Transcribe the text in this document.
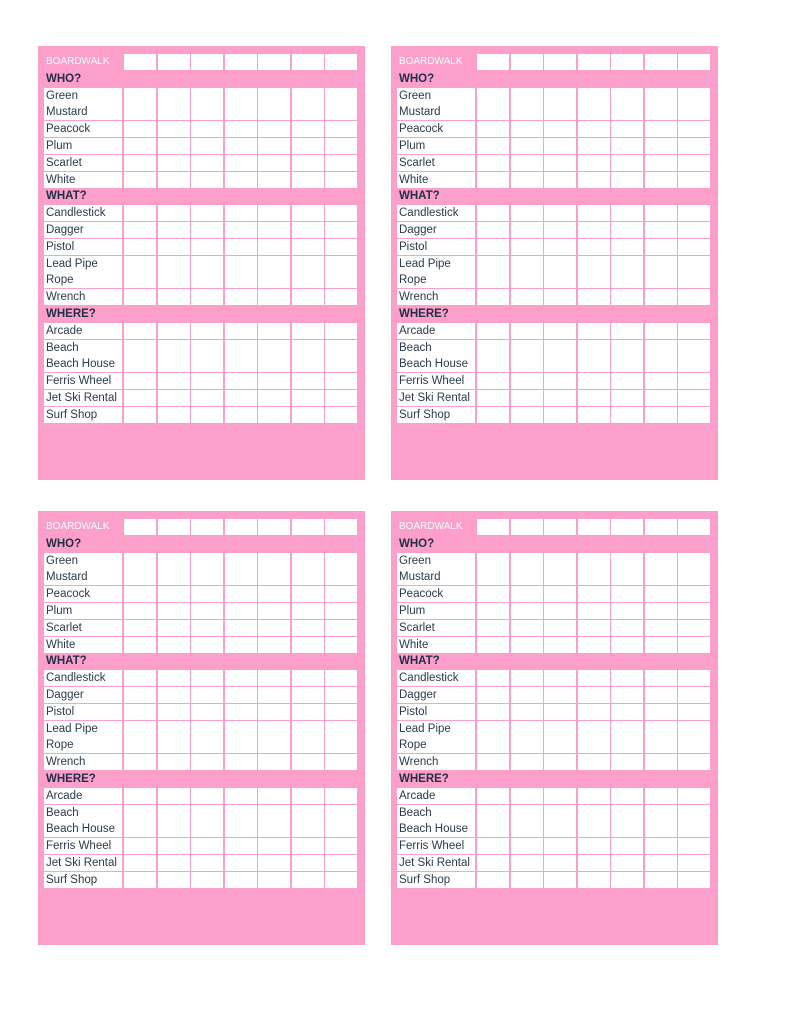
BOARDWALK
WHO?
Green
Mustard
Peacock
Plum
Scarlet
White
WHAT?
Candlestick
Dagger
Pistol
Lead Pipe
Rope
Wrench
WHERE?
Arcade
Beach
Beach House
Ferris Wheel
Jet Ski Rental
Surf Shop
BOARDWALK
WHO?
Green
Mustard
Peacock
Plum
Scarlet
White
WHAT?
Candlestick
Dagger
Pistol
Lead Pipe
Rope
Wrench
WHERE?
Arcade
Beach
Beach House
Ferris Wheel
Jet Ski Rental
Surf Shop
BOARDWALK
WHO?
Green
Mustard
Peacock
Plum
Scarlet
White
WHAT?
Candlestick
Dagger
Pistol
Lead Pipe
Rope
Wrench
WHERE?
Arcade
Beach
Beach House
Ferris Wheel
Jet Ski Rental
Surf Shop
BOARDWALK
WHO?
Green
Mustard
Peacock
Plum
Scarlet
White
WHAT?
Candlestick
Dagger
Pistol
Lead Pipe
Rope
Wrench
WHERE?
Arcade
Beach
Beach House
Ferris Wheel
Jet Ski Rental
Surf Shop
